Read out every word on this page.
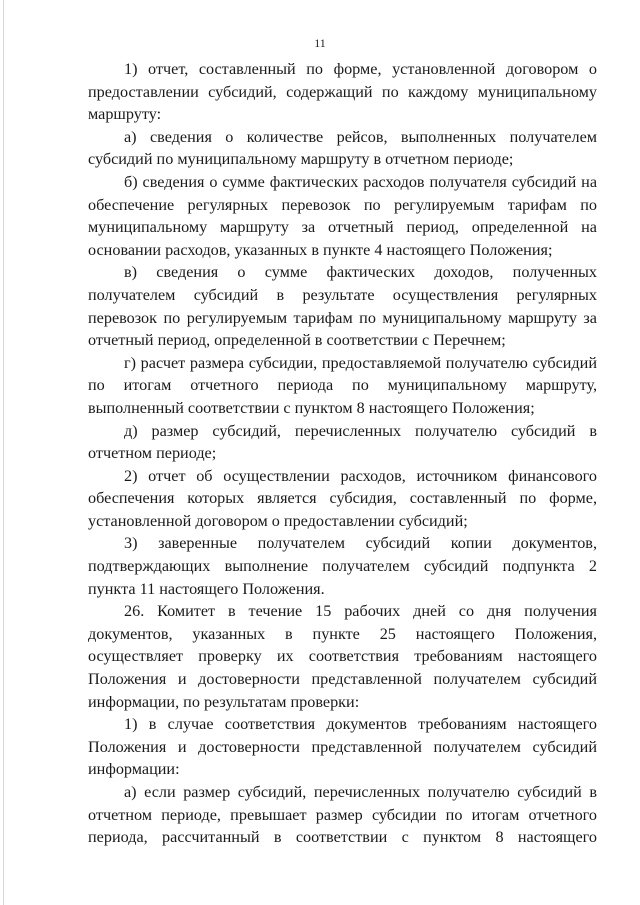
11

1) отчет, составленный по форме, установленной договором о предоставлении субсидий, содержащий по каждому муниципальному маршруту:

а) сведения о количестве рейсов, выполненных получателем субсидий по муниципальному маршруту в отчетном периоде;

б) сведения о сумме фактических расходов получателя субсидий на обеспечение регулярных перевозок по регулируемым тарифам по муниципальному маршруту за отчетный период, определенной на основании расходов, указанных в пункте 4 настоящего Положения;

в) сведения о сумме фактических доходов, полученных получателем субсидий в результате осуществления регулярных перевозок по регулируемым тарифам по муниципальному маршруту за отчетный период, определенной в соответствии с Перечнем;

г) расчет размера субсидии, предоставляемой получателю субсидий по итогам отчетного периода по муниципальному маршруту, выполненный соответствии с пунктом 8 настоящего Положения;

д) размер субсидий, перечисленных получателю субсидий в отчетном периоде;

2) отчет об осуществлении расходов, источником финансового обеспечения которых является субсидия, составленный по форме, установленной договором о предоставлении субсидий;

3) заверенные получателем субсидий копии документов, подтверждающих выполнение получателем субсидий подпункта 2 пункта 11 настоящего Положения.

26. Комитет в течение 15 рабочих дней со дня получения документов, указанных в пункте 25 настоящего Положения, осуществляет проверку их соответствия требованиям настоящего Положения и достоверности представленной получателем субсидий информации, по результатам проверки:

1) в случае соответствия документов требованиям настоящего Положения и достоверности представленной получателем субсидий информации:

а) если размер субсидий, перечисленных получателю субсидий в отчетном периоде, превышает размер субсидии по итогам отчетного периода, рассчитанный в соответствии с пунктом 8 настоящего
